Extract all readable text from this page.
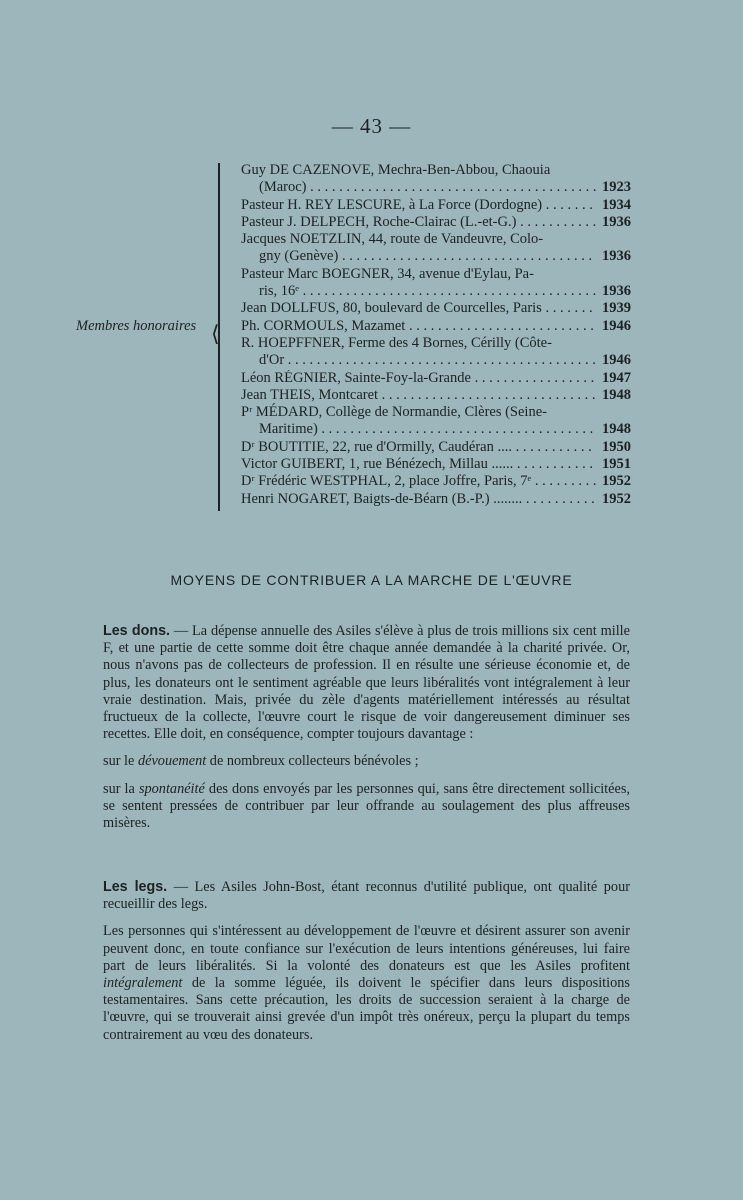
— 43 —
Membres honoraires ⟨
Guy DE CAZENOVE, Mechra-Ben-Abbou, Chaouia
(Maroc) . . .	1923
Pasteur H. REY LESCURE, à La Force (Dordogne) . . .	1934
Pasteur J. DELPECH, Roche-Clairac (L.-et-G.) . . .	1936
Jacques NOETZLIN, 44, route de Vandeuvre, Colo-
gny (Genève) . . .	1936
Pasteur Marc BOEGNER, 34, avenue d'Eylau, Pa-
ris, 16ᵉ . . .	1936
Jean DOLLFUS, 80, boulevard de Courcelles, Paris . . .	1939
Ph. CORMOULS, Mazamet . . .	1946
R. HOEPFFNER, Ferme des 4 Bornes, Cérilly (Côte-
d'Or . . .	1946
Léon RÉGNIER, Sainte-Foy-la-Grande . . .	1947
Jean THEIS, Montcaret . . .	1948
Pʳ MÉDARD, Collège de Normandie, Clères (Seine-
Maritime) . . .	1948
Dʳ BOUTITIE, 22, rue d'Ormilly, Caudéran .... . . .	1950
Victor GUIBERT, 1, rue Bénézech, Millau ...... . . .	1951
Dʳ Frédéric WESTPHAL, 2, place Joffre, Paris, 7ᵉ . . .	1952
Henri NOGARET, Baigts-de-Béarn (B.-P.) ........ . . .	1952
MOYENS DE CONTRIBUER A LA MARCHE DE L'ŒUVRE

Les dons. — La dépense annuelle des Asiles s'élève à plus de trois millions six cent mille F, et une partie de cette somme doit être chaque année demandée à la charité privée. Or, nous n'avons pas de collecteurs de profession. Il en résulte une sérieuse économie et, de plus, les donateurs ont le sentiment agréable que leurs libéralités vont intégralement à leur vraie destination. Mais, privée du zèle d'agents matériellement intéressés au résultat fructueux de la collecte, l'œuvre court le risque de voir dangereusement diminuer ses recettes. Elle doit, en conséquence, compter toujours davantage :

sur le dévouement de nombreux collecteurs bénévoles ;

sur la spontanéité des dons envoyés par les personnes qui, sans être directement sollicitées, se sentent pressées de contribuer par leur offrande au soulagement des plus affreuses misères.

Les legs. — Les Asiles John-Bost, étant reconnus d'utilité publique, ont qualité pour recueillir des legs.

Les personnes qui s'intéressent au développement de l'œuvre et désirent assurer son avenir peuvent donc, en toute confiance sur l'exécution de leurs intentions généreuses, lui faire part de leurs libéralités. Si la volonté des donateurs est que les Asiles profitent intégralement de la somme léguée, ils doivent le spécifier dans leurs dispositions testamentaires. Sans cette précaution, les droits de succession seraient à la charge de l'œuvre, qui se trouverait ainsi grevée d'un impôt très onéreux, perçu la plupart du temps contrairement au vœu des donateurs.
